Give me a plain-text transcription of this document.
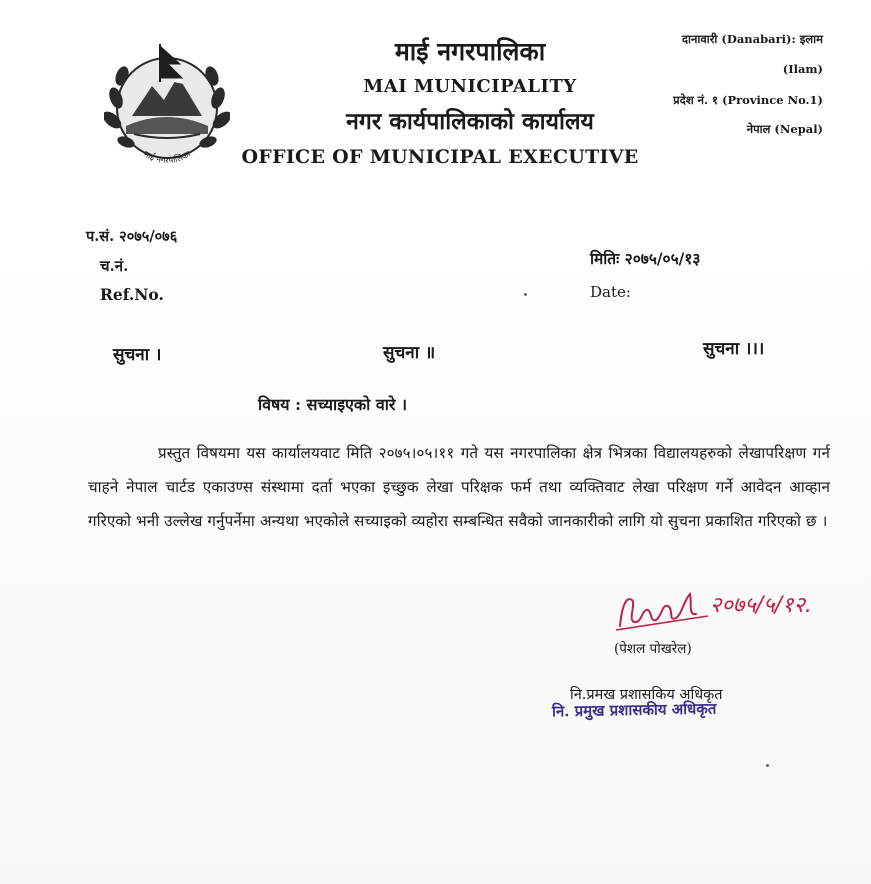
माई नगरपालिका
माई नगरपालिका
MAI MUNICIPALITY
नगर कार्यपालिकाको कार्यालय
OFFICE OF MUNICIPAL EXECUTIVE
दानावारी (Danabari): इलाम
(Ilam)
प्रदेश नं. १ (Province No.1)
नेपाल (Nepal)
प.सं. २०७५/०७६
च.नं.
Ref.No.
मितिः २०७५/०५/१३
Date:
सुचना ।	सुचना ॥	सुचना ।।।
विषय : सच्याइएको वारे ।
प्रस्तुत विषयमा यस कार्यालयवाट मिति २०७५।०५।११ गते यस नगरपालिका क्षेत्र भित्रका विद्यालयहरुको लेखापरिक्षण गर्न चाहने नेपाल चार्टड एकाउण्स संस्थामा दर्ता भएका इच्छुक लेखा परिक्षक फर्म तथा व्यक्तिवाट लेखा परिक्षण गर्ने आवेदन आव्हान गरिएको भनी उल्लेख गर्नुपर्नेमा अन्यथा भएकोले सच्याइको व्यहोरा सम्बन्धित सवैको जानकारीको लागि यो सुचना प्रकाशित गरिएको छ ।
२०७५/५/१२.
(पेशल पोखरेल)
नि.प्रमख प्रशासकिय अधिकृत
नि. प्रमुख प्रशासकीय अधिकृत
